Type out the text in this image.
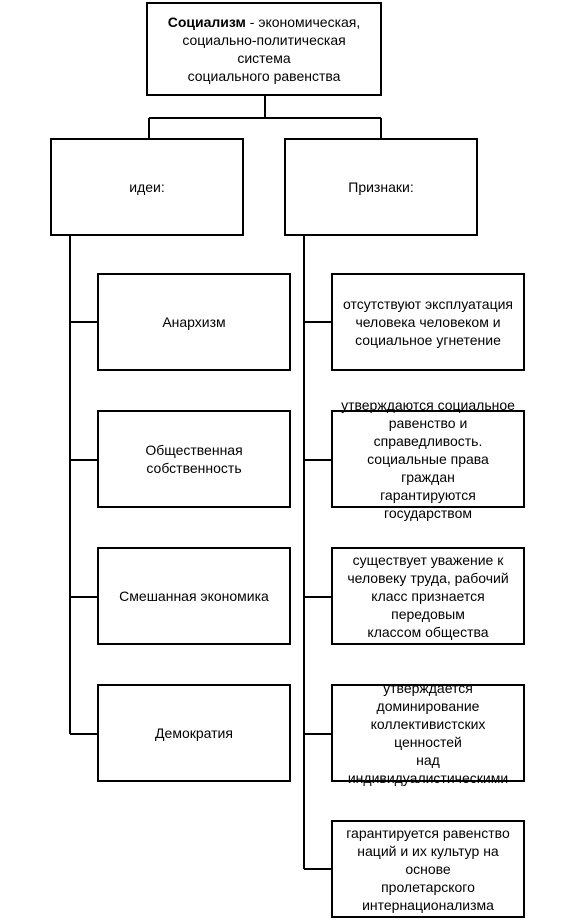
Социализм - экономическая,
социально-политическая система
социального равенства
идеи:	Признаки:
Анархизм
Общественная собственность
Смешанная экономика
Демократия
отсутствуют эксплуатация
человека человеком и
социальное угнетение
утверждаются социальное
равенство и справедливость.
социальные права граждан
гарантируются государством
существует уважение к
человеку труда, рабочий
класс признается передовым
классом общества
утверждается
доминирование
коллективистских ценностей
над индивидуалистическими
гарантируется равенство
наций и их культур на основе
пролетарского
интернационализма
